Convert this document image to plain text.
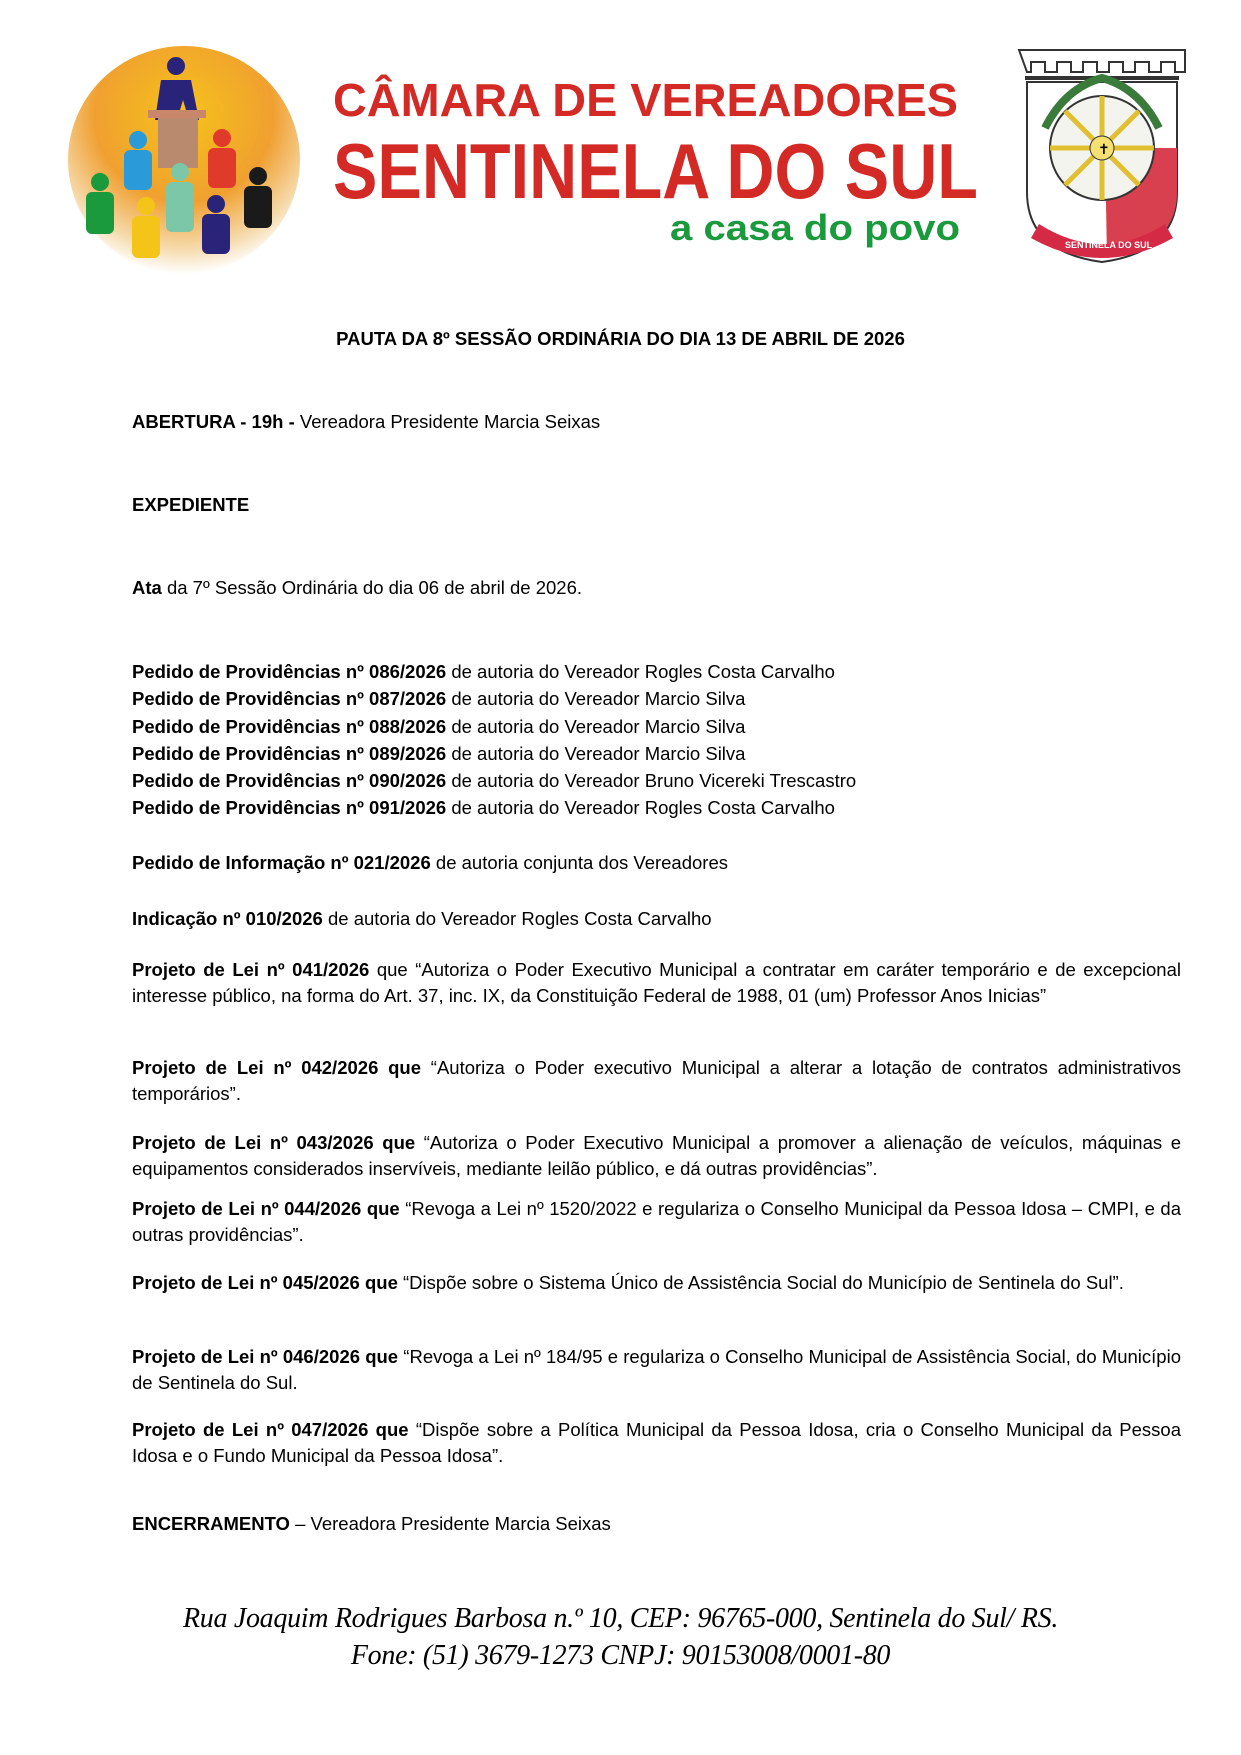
CÂMARA DE VEREADORES
SENTINELA DO SUL
a casa do povo
✝
SENTINELA DO SUL
PAUTA DA 8º SESSÃO ORDINÁRIA DO DIA 13 DE ABRIL DE 2026
ABERTURA - 19h - Vereadora Presidente Marcia Seixas
EXPEDIENTE
Ata da 7º Sessão Ordinária do dia 06 de abril de 2026.
Pedido de Providências nº 086/2026 de autoria do Vereador Rogles Costa Carvalho
Pedido de Providências nº 087/2026 de autoria do Vereador Marcio Silva
Pedido de Providências nº 088/2026 de autoria do Vereador Marcio Silva
Pedido de Providências nº 089/2026 de autoria do Vereador Marcio Silva
Pedido de Providências nº 090/2026 de autoria do Vereador Bruno Vicereki Trescastro
Pedido de Providências nº 091/2026 de autoria do Vereador Rogles Costa Carvalho
Pedido de Informação nº 021/2026 de autoria conjunta dos Vereadores
Indicação nº 010/2026 de autoria do Vereador Rogles Costa Carvalho
Projeto de Lei nº 041/2026 que “Autoriza o Poder Executivo Municipal a contratar em caráter temporário e de excepcional interesse público, na forma do Art. 37, inc. IX, da Constituição Federal de 1988, 01 (um) Professor Anos Inicias”
Projeto de Lei nº 042/2026 que “Autoriza o Poder executivo Municipal a alterar a lotação de contratos administrativos temporários”.
Projeto de Lei nº 043/2026 que “Autoriza o Poder Executivo Municipal a promover a alienação de veículos, máquinas e equipamentos considerados inservíveis, mediante leilão público, e dá outras providências”.
Projeto de Lei nº 044/2026 que “Revoga a Lei nº 1520/2022 e regulariza o Conselho Municipal da Pessoa Idosa – CMPI, e da outras providências”.
Projeto de Lei nº 045/2026 que “Dispõe sobre o Sistema Único de Assistência Social do Município de Sentinela do Sul”.
Projeto de Lei nº 046/2026 que “Revoga a Lei nº 184/95 e regulariza o Conselho Municipal de Assistência Social, do Município de Sentinela do Sul.
Projeto de Lei nº 047/2026 que “Dispõe sobre a Política Municipal da Pessoa Idosa, cria o Conselho Municipal da Pessoa Idosa e o Fundo Municipal da Pessoa Idosa”.
ENCERRAMENTO – Vereadora Presidente Marcia Seixas
Rua Joaquim Rodrigues Barbosa n.º 10, CEP: 96765-000, Sentinela do Sul/ RS.
Fone: (51) 3679-1273 CNPJ: 90153008/0001-80
